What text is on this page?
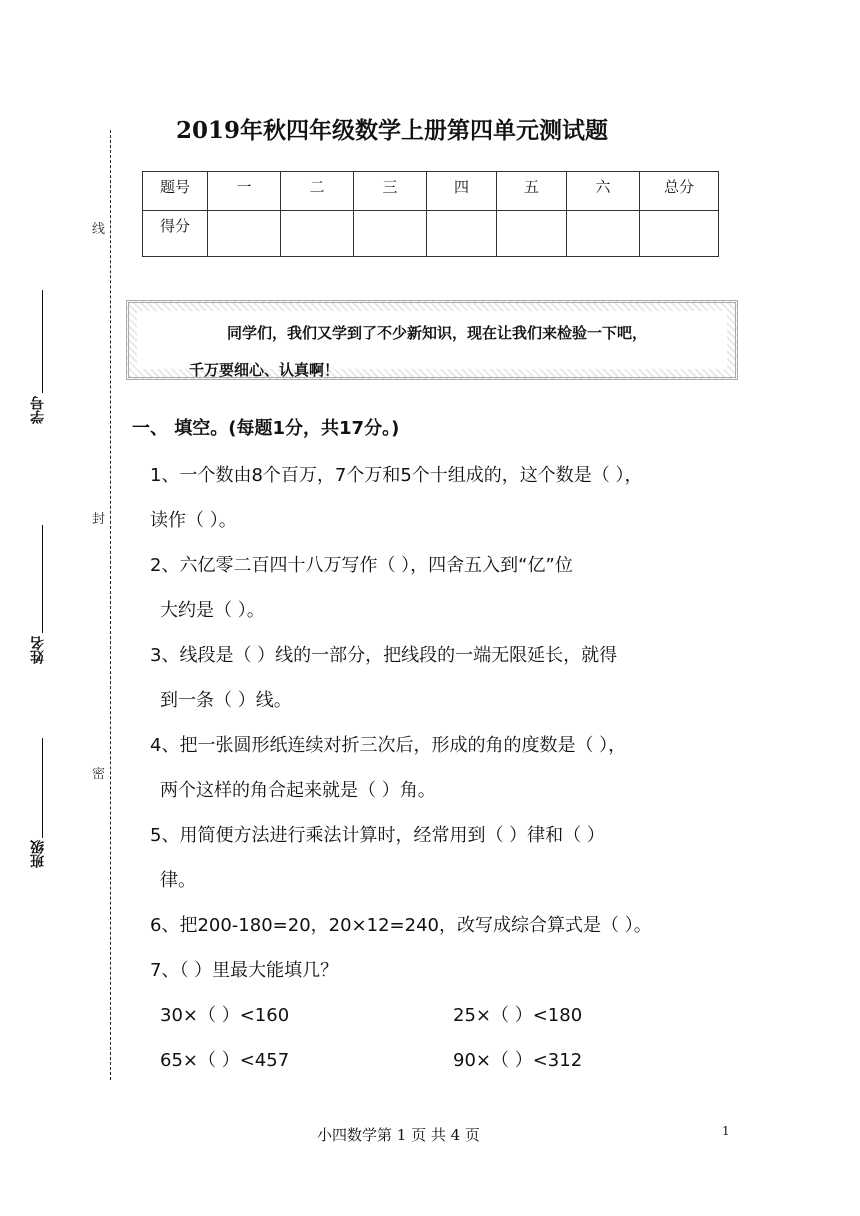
线
封
密
学号
姓名
班级
2019年秋四年级数学上册第四单元测试题
题号	一	二	三	四	五	六	总分
得分							
同学们，我们又学到了不少新知识，现在让我们来检验一下吧，
千万要细心、认真啊！
一、 填空。(每题1分，共17分。)
1、一个数由8个百万，7个万和5个十组成的，这个数是（ ），
读作（ ）。
2、六亿零二百四十八万写作（ ），四舍五入到“亿”位
大约是（ ）。
3、线段是（ ）线的一部分，把线段的一端无限延长，就得
到一条（ ）线。
4、把一张圆形纸连续对折三次后，形成的角的度数是（ ），
两个这样的角合起来就是（ ）角。
5、用简便方法进行乘法计算时，经常用到（ ）律和（ ）
律。
6、把200-180=20，20×12=240，改写成综合算式是（ ）。
7、（ ）里最大能填几？
30×（ ）<160	25×（ ）<180
65×（ ）<457	90×（ ）<312
小四数学第 1 页 共 4 页	1
